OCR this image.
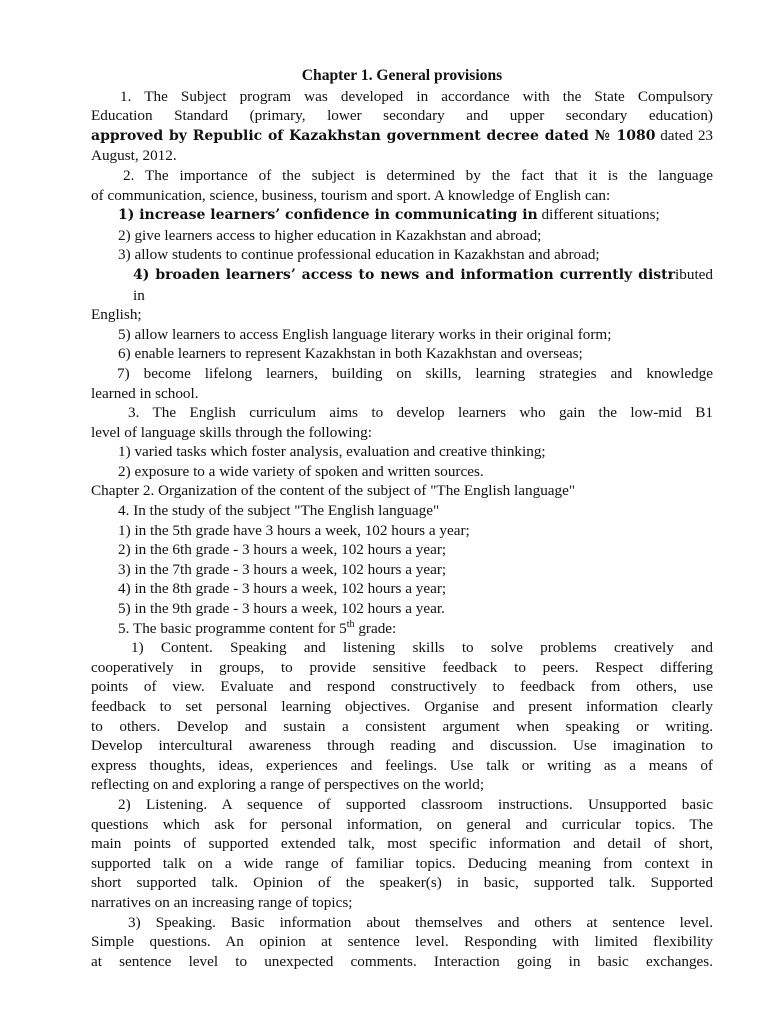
Chapter 1. General provisions
1. The Subject program was developed in accordance with the State Compulsory
Education Standard (primary, lower secondary and upper secondary education)
approved by Republic of Kazakhstan government decree dated № 1080 dated 23
August, 2012.
2. The importance of the subject is determined by the fact that it is the language
of communication, science, business, tourism and sport. A knowledge of English can:
1) increase learners’ confidence in communicating in different situations;
2) give learners access to higher education in Kazakhstan and abroad;
3) allow students to continue professional education in Kazakhstan and abroad;
4) broaden learners’ access to news and information currently distributed in
English;
5) allow learners to access English language literary works in their original form;
6) enable learners to represent Kazakhstan in both Kazakhstan and overseas;
7) become lifelong learners, building on skills, learning strategies and knowledge
learned in school.
3. The English curriculum aims to develop learners who gain the low-mid B1
level of language skills through the following:
1) varied tasks which foster analysis, evaluation and creative thinking;
2) exposure to a wide variety of spoken and written sources.
Chapter 2. Organization of the content of the subject of "The English language"
4. In the study of the subject "The English language"
1) in the 5th grade have 3 hours a week, 102 hours a year;
2) in the 6th grade - 3 hours a week, 102 hours a year;
3) in the 7th grade - 3 hours a week, 102 hours a year;
4) in the 8th grade - 3 hours a week, 102 hours a year;
5) in the 9th grade - 3 hours a week, 102 hours a year.
5. The basic programme content for 5th grade:
1) Content. Speaking and listening skills to solve problems creatively and
cooperatively in groups, to provide sensitive feedback to peers. Respect differing
points of view. Evaluate and respond constructively to feedback from others, use
feedback to set personal learning objectives. Organise and present information clearly
to others. Develop and sustain a consistent argument when speaking or writing.
Develop intercultural awareness through reading and discussion. Use imagination to
express thoughts, ideas, experiences and feelings. Use talk or writing as a means of
reflecting on and exploring a range of perspectives on the world;
2) Listening. A sequence of supported classroom instructions. Unsupported basic
questions which ask for personal information, on general and curricular topics. The
main points of supported extended talk, most specific information and detail of short,
supported talk on a wide range of familiar topics. Deducing meaning from context in
short supported talk. Opinion of the speaker(s) in basic, supported talk. Supported
narratives on an increasing range of topics;
3) Speaking. Basic information about themselves and others at sentence level.
Simple questions. An opinion at sentence level. Responding with limited flexibility
at sentence level to unexpected comments. Interaction going in basic exchanges.
